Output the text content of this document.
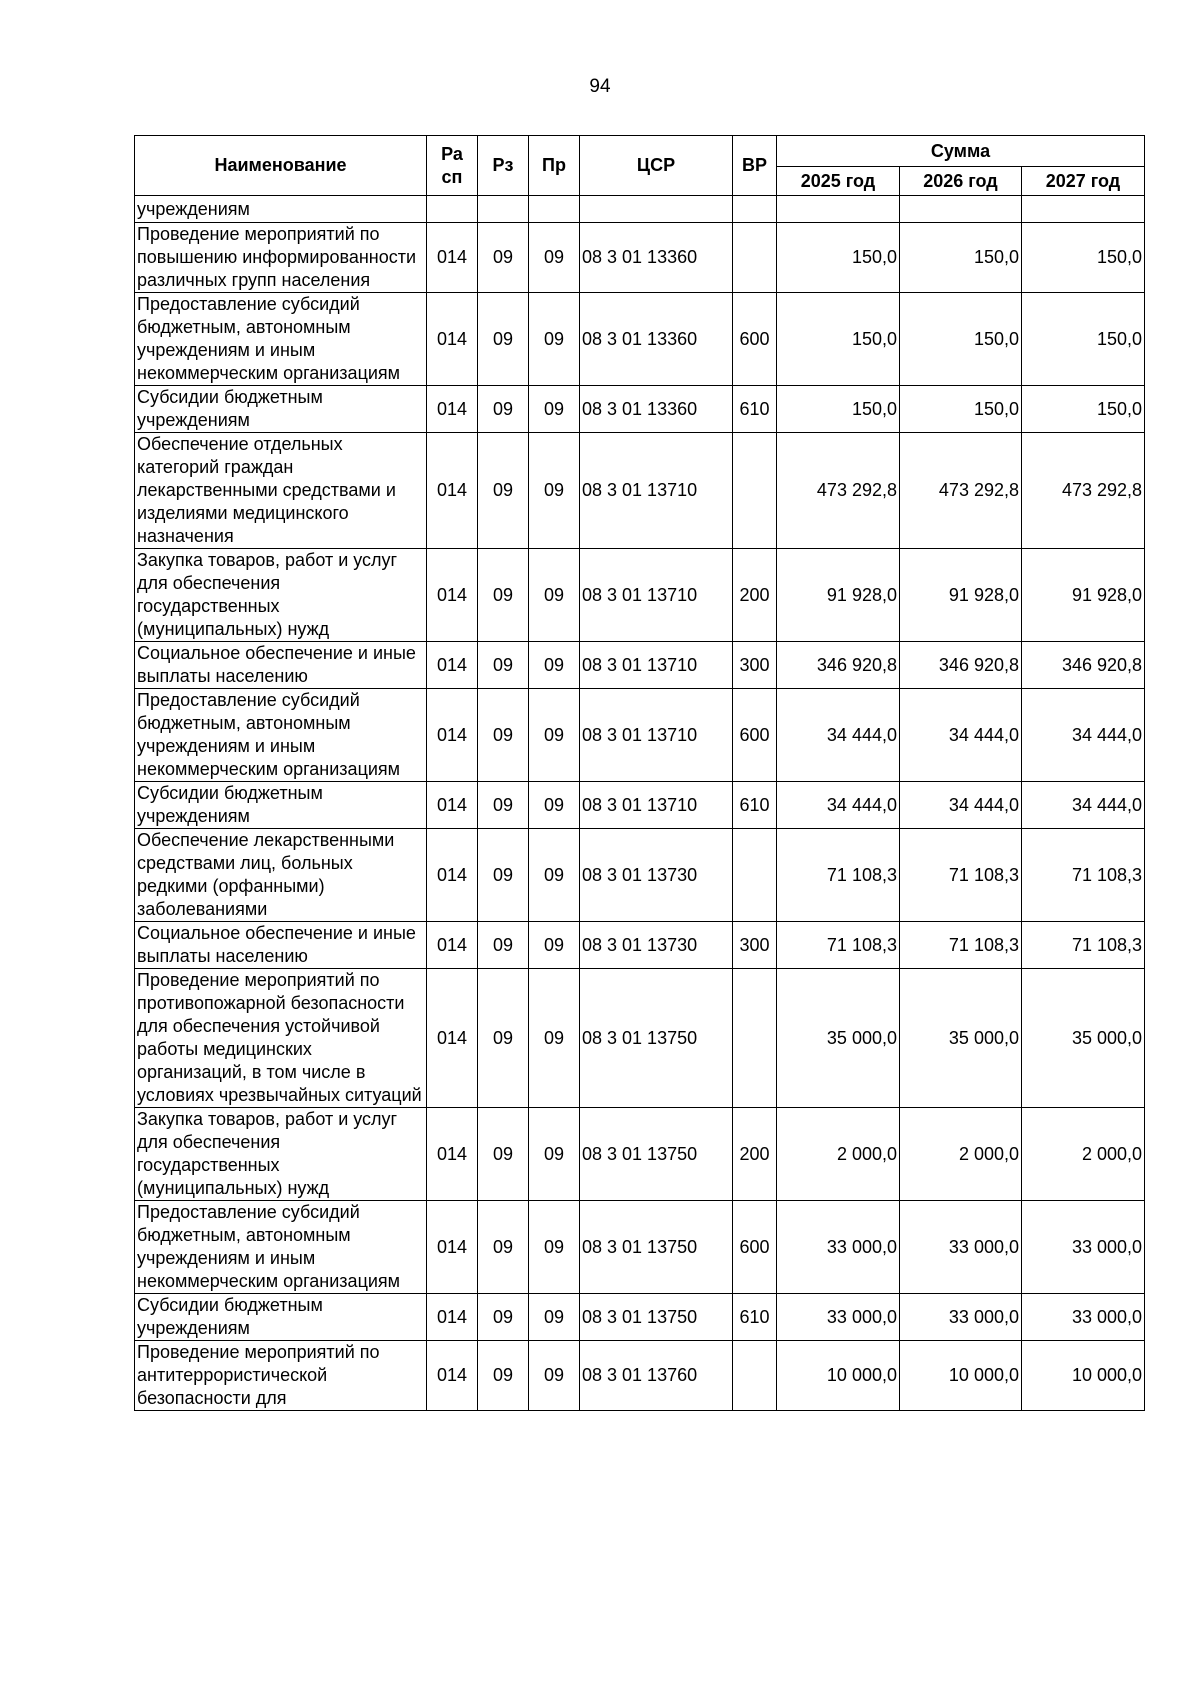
94
Наименование	Ра сп	Рз	Пр	ЦСР	ВР	Сумма		
						2025 год	2026 год	2027 год
учреждениям								
Проведение мероприятий по повышению информированности различных групп населения	014	09	09	08 3 01 13360		150,0	150,0	150,0
Предоставление субсидий бюджетным, автономным учреждениям и иным некоммерческим организациям	014	09	09	08 3 01 13360	600	150,0	150,0	150,0
Субсидии бюджетным учреждениям	014	09	09	08 3 01 13360	610	150,0	150,0	150,0
Обеспечение отдельных категорий граждан лекарственными средствами и изделиями медицинского назначения	014	09	09	08 3 01 13710		473 292,8	473 292,8	473 292,8
Закупка товаров, работ и услуг для обеспечения государственных (муниципальных) нужд	014	09	09	08 3 01 13710	200	91 928,0	91 928,0	91 928,0
Социальное обеспечение и иные выплаты населению	014	09	09	08 3 01 13710	300	346 920,8	346 920,8	346 920,8
Предоставление субсидий бюджетным, автономным учреждениям и иным некоммерческим организациям	014	09	09	08 3 01 13710	600	34 444,0	34 444,0	34 444,0
Субсидии бюджетным учреждениям	014	09	09	08 3 01 13710	610	34 444,0	34 444,0	34 444,0
Обеспечение лекарственными средствами лиц, больных редкими (орфанными) заболеваниями	014	09	09	08 3 01 13730		71 108,3	71 108,3	71 108,3
Социальное обеспечение и иные выплаты населению	014	09	09	08 3 01 13730	300	71 108,3	71 108,3	71 108,3
Проведение мероприятий по противопожарной безопасности для обеспечения устойчивой работы медицинских организаций, в том числе в условиях чрезвычайных ситуаций	014	09	09	08 3 01 13750		35 000,0	35 000,0	35 000,0
Закупка товаров, работ и услуг для обеспечения государственных (муниципальных) нужд	014	09	09	08 3 01 13750	200	2 000,0	2 000,0	2 000,0
Предоставление субсидий бюджетным, автономным учреждениям и иным некоммерческим организациям	014	09	09	08 3 01 13750	600	33 000,0	33 000,0	33 000,0
Субсидии бюджетным учреждениям	014	09	09	08 3 01 13750	610	33 000,0	33 000,0	33 000,0
Проведение мероприятий по антитеррористической безопасности для	014	09	09	08 3 01 13760		10 000,0	10 000,0	10 000,0
